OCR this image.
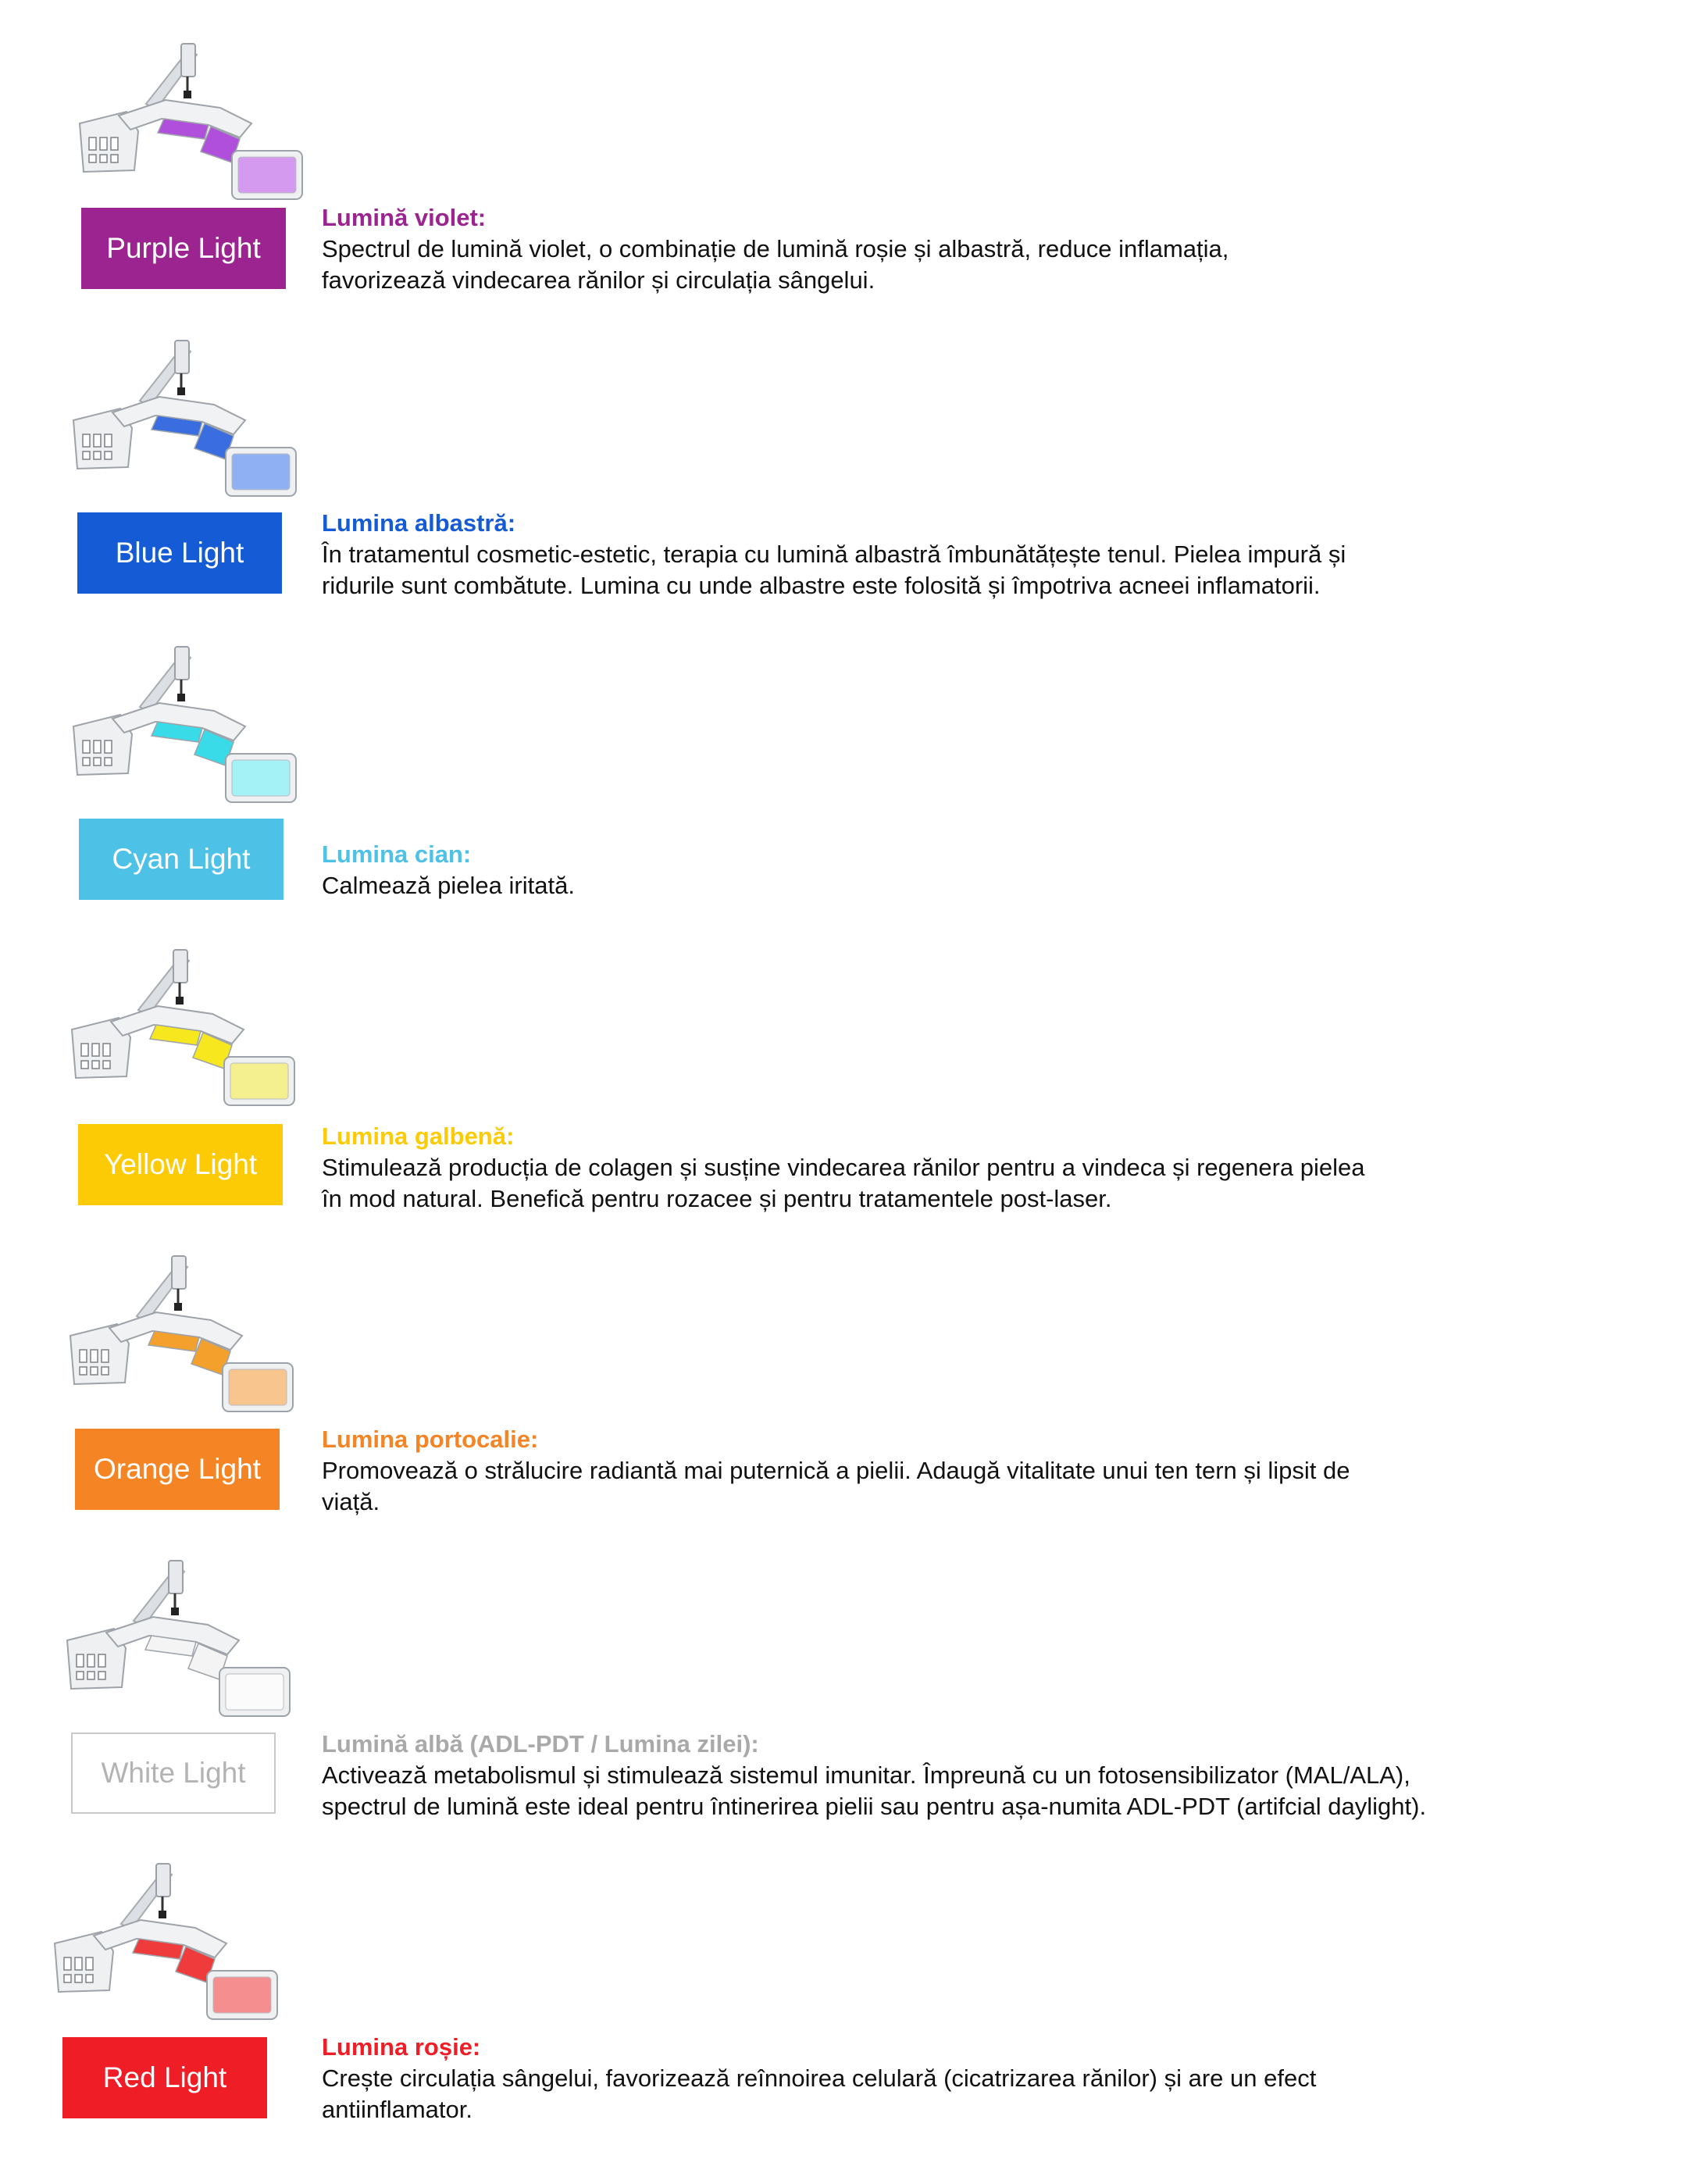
Purple Light
Lumină violet:
Spectrul de lumină violet, o combinație de lumină roșie și albastră, reduce inflamația,
favorizează vindecarea rănilor și circulația sângelui.
Blue Light
Lumina albastră:
În tratamentul cosmetic-estetic, terapia cu lumină albastră îmbunătățește tenul. Pielea impură și
ridurile sunt combătute. Lumina cu unde albastre este folosită și împotriva acneei inflamatorii.
Cyan Light	Lumina cian:
Calmează pielea iritată.
Yellow Light
Lumina galbenă:
Stimulează producția de colagen și susține vindecarea rănilor pentru a vindeca și regenera pielea
în mod natural. Benefică pentru rozacee și pentru tratamentele post-laser.
Orange Light
Lumina portocalie:
Promovează o strălucire radiantă mai puternică a pielii. Adaugă vitalitate unui ten tern și lipsit de
viață.
White Light
Lumină albă (ADL-PDT / Lumina zilei):
Activează metabolismul și stimulează sistemul imunitar. Împreună cu un fotosensibilizator (MAL/ALA),
spectrul de lumină este ideal pentru întinerirea pielii sau pentru așa-numita ADL-PDT (artifcial daylight).
Red Light
Lumina roșie:
Crește circulația sângelui, favorizează reînnoirea celulară (cicatrizarea rănilor) și are un efect
antiinflamator.
